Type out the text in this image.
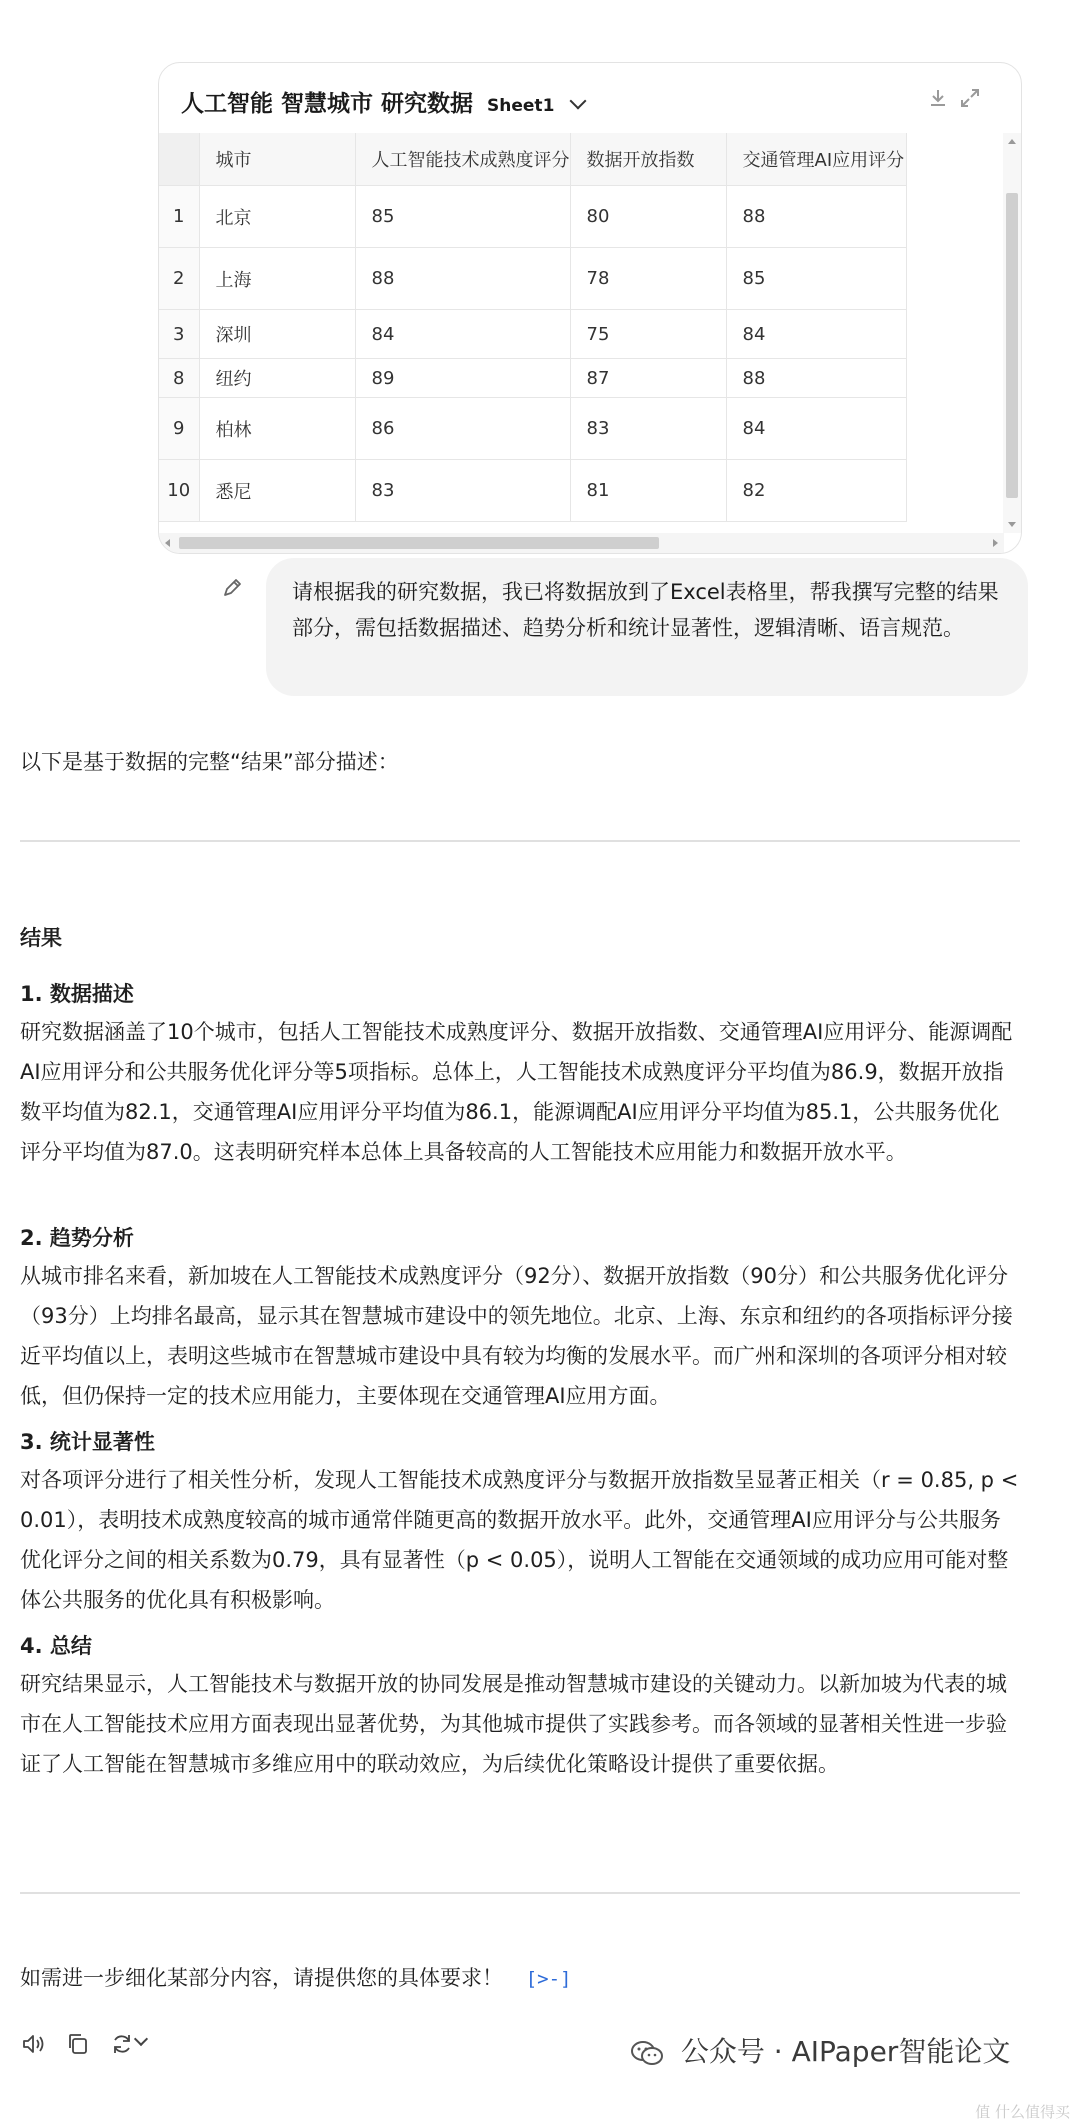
人工智能 智慧城市 研究数据 Sheet1
	城市	人工智能技术成熟度评分	数据开放指数	交通管理AI应用评分
1	北京	85	80	88
2	上海	88	78	85
3	深圳	84	75	84
8	纽约	89	87	88
9	柏林	86	83	84
10	悉尼	83	81	82
请根据我的研究数据，我已将数据放到了Excel表格里，帮我撰写完整的结果部分，需包括数据描述、趋势分析和统计显著性，逻辑清晰、语言规范。
以下是基于数据的完整“结果”部分描述：
结果
1. 数据描述
研究数据涵盖了10个城市，包括人工智能技术成熟度评分、数据开放指数、交通管理AI应用评分、能源调配AI应用评分和公共服务优化评分等5项指标。总体上，人工智能技术成熟度评分平均值为86.9，数据开放指数平均值为82.1，交通管理AI应用评分平均值为86.1，能源调配AI应用评分平均值为85.1，公共服务优化评分平均值为87.0。这表明研究样本总体上具备较高的人工智能技术应用能力和数据开放水平。
2. 趋势分析
从城市排名来看，新加坡在人工智能技术成熟度评分（92分）、数据开放指数（90分）和公共服务优化评分（93分）上均排名最高，显示其在智慧城市建设中的领先地位。北京、上海、东京和纽约的各项指标评分接近平均值以上，表明这些城市在智慧城市建设中具有较为均衡的发展水平。而广州和深圳的各项评分相对较低，但仍保持一定的技术应用能力，主要体现在交通管理AI应用方面。
3. 统计显著性
对各项评分进行了相关性分析，发现人工智能技术成熟度评分与数据开放指数呈显著正相关（r = 0.85, p < 0.01），表明技术成熟度较高的城市通常伴随更高的数据开放水平。此外，交通管理AI应用评分与公共服务优化评分之间的相关系数为0.79，具有显著性（p < 0.05），说明人工智能在交通领域的成功应用可能对整体公共服务的优化具有积极影响。
4. 总结
研究结果显示，人工智能技术与数据开放的协同发展是推动智慧城市建设的关键动力。以新加坡为代表的城市在人工智能技术应用方面表现出显著优势，为其他城市提供了实践参考。而各领域的显著相关性进一步验证了人工智能在智慧城市多维应用中的联动效应，为后续优化策略设计提供了重要依据。
如需进一步细化某部分内容，请提供您的具体要求！ [>-]
公众号 · AIPaper智能论文
值 什么值得买
